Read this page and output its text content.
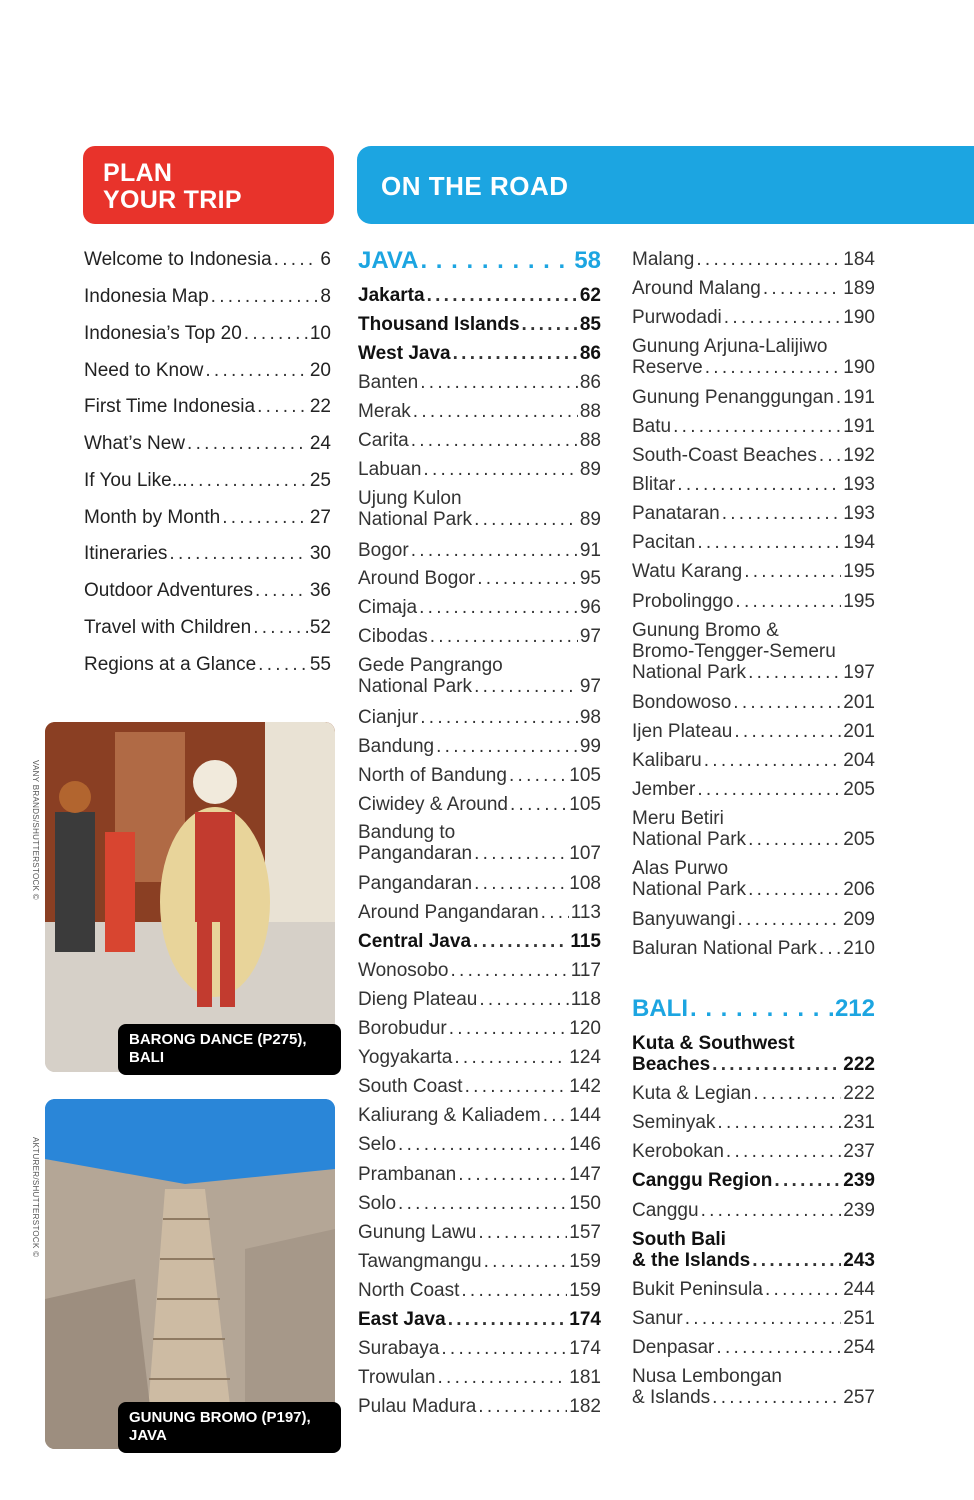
PLAN
YOUR TRIP	ON THE ROAD
Welcome to Indonesia . . .	6
Indonesia Map . . .	8
Indonesia’s Top 20 . . .	10
Need to Know . . .	20
First Time Indonesia . . .	22
What’s New . . .	24
If You Like... . . .	25
Month by Month . . .	27
Itineraries . . .	30
Outdoor Adventures . . .	36
Travel with Children . . .	52
Regions at a Glance . . .	55
VANY BRANDS/SHUTTERSTOCK ©
BARONG DANCE (P275),
BALI
AKTURER/SHUTTERSTOCK ©
GUNUNG BROMO (P197),
JAVA
JAVA . . .	58
Jakarta . . .	62
Thousand Islands . . .	85
West Java . . .	86
Banten . . .	86
Merak . . .	88
Carita . . .	88
Labuan . . .	89
Ujung Kulon
National Park . . .	89
Bogor . . .	91
Around Bogor . . .	95
Cimaja . . .	96
Cibodas . . .	97
Gede Pangrango
National Park . . .	97
Cianjur . . .	98
Bandung . . .	99
North of Bandung . . .	105
Ciwidey & Around . . .	105
Bandung to
Pangandaran . . .	107
Pangandaran . . .	108
Around Pangandaran . . . 113
Central Java . . .	115
Wonosobo . . .	117
Dieng Plateau . . .	118
Borobudur . . .	120
Yogyakarta . . .	124
South Coast . . .	142
Kaliurang & Kaliadem . . . 144
Selo . . .	146
Prambanan . . .	147
Solo . . .	150
Gunung Lawu . . .	157
Tawangmangu . . .	159
North Coast . . .	159
East Java . . .	174
Surabaya . . .	174
Trowulan . . .	181
Pulau Madura . . .	182
Malang . . .	184
Around Malang . . .	189
Purwodadi . . .	190
Gunung Arjuna-Lalijiwo
Reserve . . .	190
Gunung Penanggungan . . . 191
Batu . . .	191
South-Coast Beaches . . . 192
Blitar . . .	193
Panataran . . .	193
Pacitan . . .	194
Watu Karang . . .	195
Probolinggo . . .	195
Gunung Bromo &
Bromo-Tengger-Semeru
National Park . . .	197
Bondowoso . . .	201
Ijen Plateau . . .	201
Kalibaru . . .	204
Jember . . .	205
Meru Betiri
National Park . . .	205
Alas Purwo
National Park . . .	206
Banyuwangi . . .	209
Baluran National Park . . . 210
BALI . . .	212
Kuta & Southwest
Beaches . . .	222
Kuta & Legian . . .	222
Seminyak . . .	231
Kerobokan . . .	237
Canggu Region . . .	239
Canggu . . .	239
South Bali
& the Islands . . .	243
Bukit Peninsula . . .	244
Sanur . . .	251
Denpasar . . .	254
Nusa Lembongan
& Islands . . .	257
